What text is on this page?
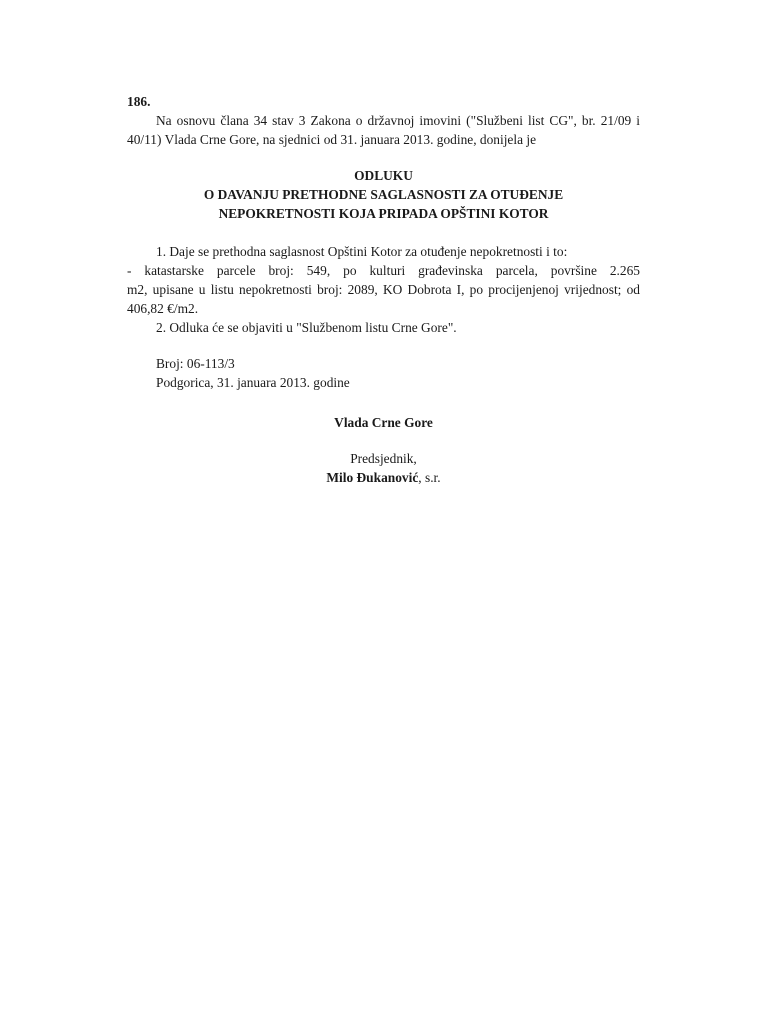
186.

Na osnovu člana 34 stav 3 Zakona o državnoj imovini ("Službeni list CG", br. 21/09 i 40/11) Vlada Crne Gore, na sjednici od 31. januara 2013. godine, donijela je

ODLUKU

O DAVANJU PRETHODNE SAGLASNOSTI ZA OTUĐENJE

NEPOKRETNOSTI KOJA PRIPADA OPŠTINI KOTOR

1. Daje se prethodna saglasnost Opštini Kotor za otuđenje nepokretnosti i to:

- katastarske parcele broj: 549, po kulturi građevinska parcela, površine 2.265

m2, upisane u listu nepokretnosti broj: 2089, KO Dobrota I, po procijenjenoj vrijednost; od 406,82 €/m2.

2. Odluka će se objaviti u "Službenom listu Crne Gore".

Broj: 06-113/3

Podgorica, 31. januara 2013. godine

Vlada Crne Gore

Predsjednik,

Milo Đukanović, s.r.
